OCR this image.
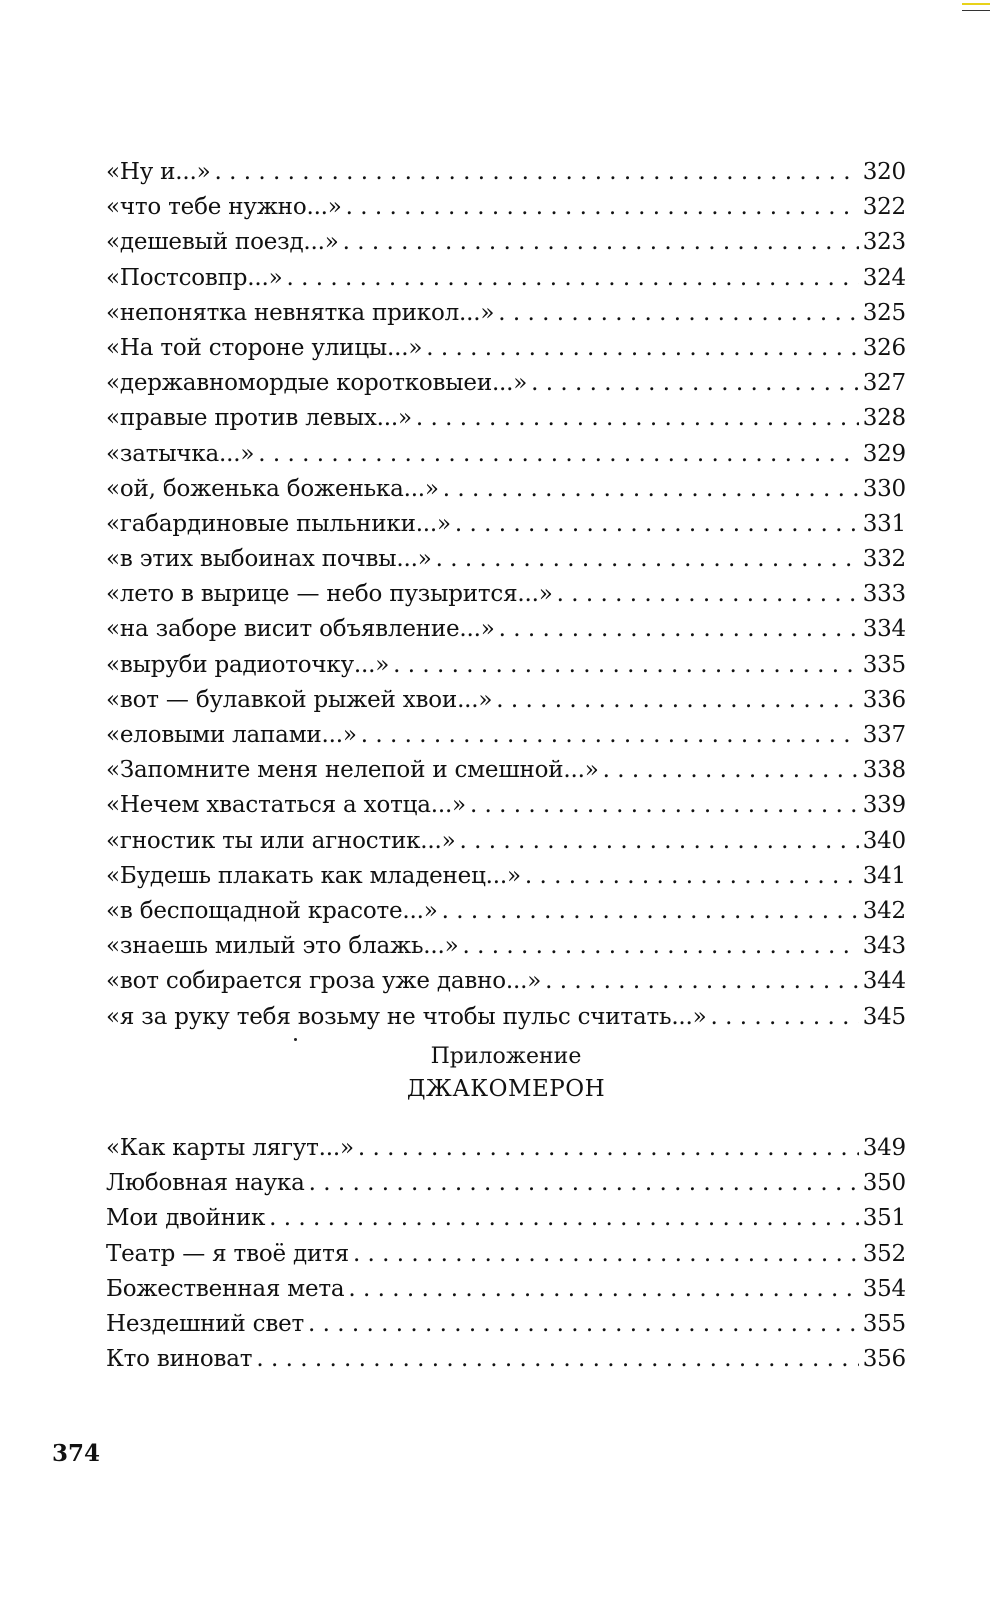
«Ну и...» . . .	320
«что тебе нужно...» . . .	322
«дешевый поезд...» . . .	323
«Постсовпр...» . . .	324
«непонятка невнятка прикол...» . . .	325
«На той стороне улицы...» . . .	326
«державномордые коротковыеи...» . . .	327
«правые против левых...» . . .	328
«затычка...» . . .	329
«ой, боженька боженька...» . . .	330
«габардиновые пыльники...» . . .	331
«в этих выбоинах почвы...» . . .	332
«лето в вырице — небо пузырится...» . . .	333
«на заборе висит объявление...» . . .	334
«выруби радиоточку...» . . .	335
«вот — булавкой рыжей хвои...» . . .	336
«еловыми лапами...» . . .	337
«Запомните меня нелепой и смешной...» . . .	338
«Нечем хвастаться а хотца...» . . .	339
«гностик ты или агностик...» . . .	340
«Будешь плакать как младенец...» . . .	341
«в беспощадной красоте...» . . .	342
«знаешь милый это блажь...» . . .	343
«вот собирается гроза уже давно...» . . .	344
«я за руку тебя возьму не чтобы пульс считать...» . . .	345
Приложение
ДЖАКОМЕРОН
«Как карты лягут...» . . .	349
Любовная наука . . .	350
Мои двойник . . .	351
Театр — я твоё дитя . . .	352
Божественная мета . . .	354
Нездешний свет . . .	355
Кто виноват . . .	356
374
